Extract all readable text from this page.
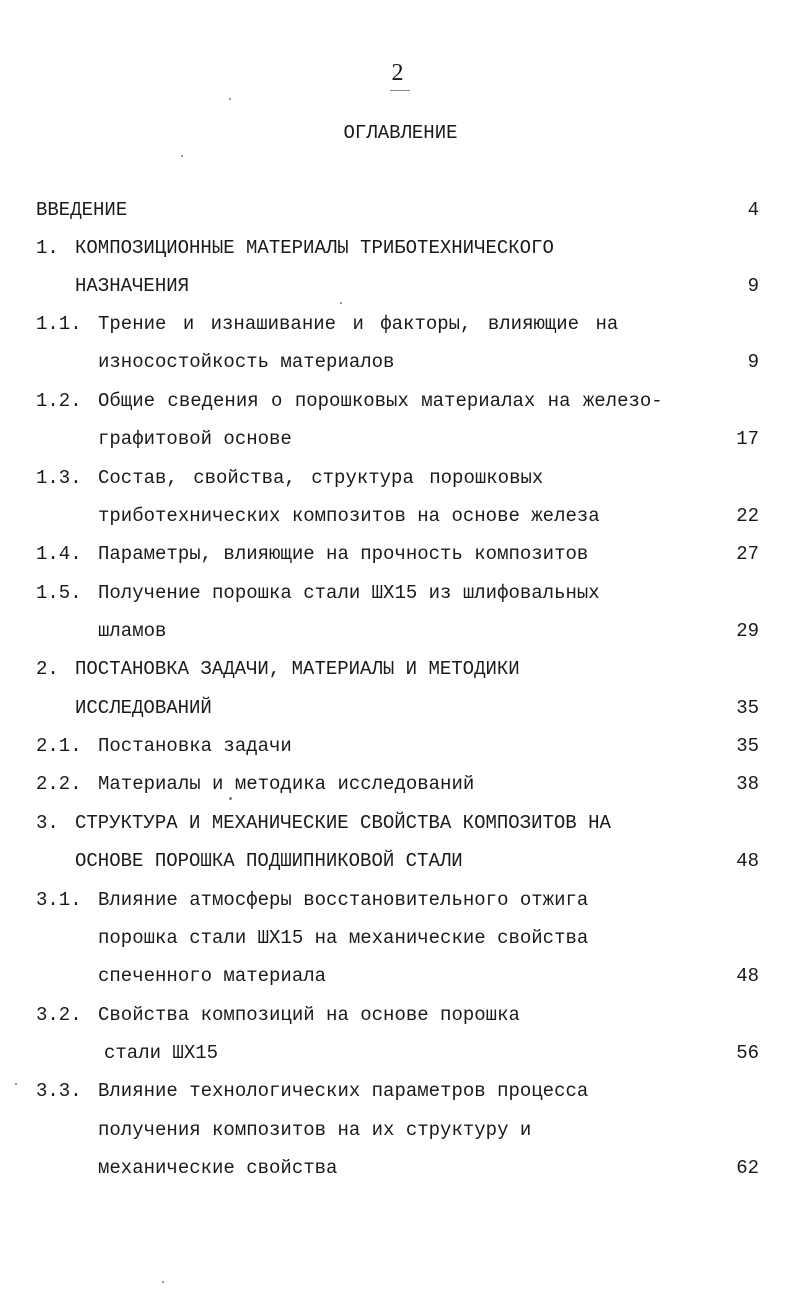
2
ОГЛАВЛЕНИЕ
ВВЕДЕНИЕ	4
1. КОМПОЗИЦИОННЫЕ МАТЕРИАЛЫ ТРИБОТЕХНИЧЕСКОГО
НАЗНАЧЕНИЯ	9
1.1. Трение и изнашивание и факторы, влияющие на
износостойкость материалов	9
1.2. Общие сведения о порошковых материалах на железо-
графитовой основе	17
1.3. Состав, свойства, структура порошковых
триботехнических композитов на основе железа	22
1.4. Параметры, влияющие на прочность композитов	27
1.5. Получение порошка стали ШХ15 из шлифовальных
шламов	29
2. ПОСТАНОВКА ЗАДАЧИ, МАТЕРИАЛЫ И МЕТОДИКИ
ИССЛЕДОВАНИЙ	35
2.1. Постановка задачи	35
2.2. Материалы и методика исследований	38
3. СТРУКТУРА И МЕХАНИЧЕСКИЕ СВОЙСТВА КОМПОЗИТОВ НА
ОСНОВЕ ПОРОШКА ПОДШИПНИКОВОЙ СТАЛИ	48
3.1. Влияние атмосферы восстановительного отжига
порошка стали ШХ15 на механические свойства
спеченного материала	48
3.2. Свойства композиций на основе порошка
стали ШХ15	56
3.3. Влияние технологических параметров процесса
получения композитов на их структуру и
механические свойства	62
